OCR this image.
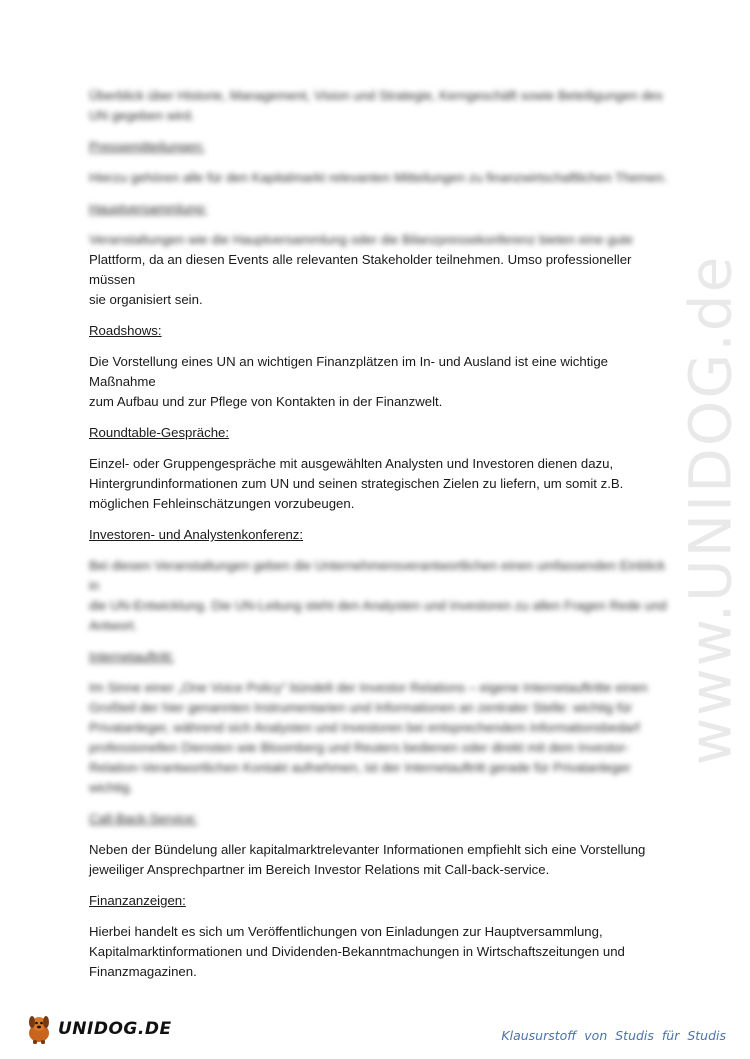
www.UNIDOG.de

Überblick über Historie, Management, Vision und Strategie, Kerngeschäft sowie Beteiligungen des

UN gegeben wird.

Pressemitteilungen:

Hierzu gehören alle für den Kapitalmarkt relevanten Mitteilungen zu finanzwirtschaftlichen Themen.

Hauptversammlung:

Veranstaltungen wie die Hauptversammlung oder die Bilanzpressekonferenz bieten eine gute

Plattform, da an diesen Events alle relevanten Stakeholder teilnehmen. Umso professioneller müssen

sie organisiert sein.

Roadshows:

Die Vorstellung eines UN an wichtigen Finanzplätzen im In- und Ausland ist eine wichtige Maßnahme

zum Aufbau und zur Pflege von Kontakten in der Finanzwelt.

Roundtable-Gespräche:

Einzel- oder Gruppengespräche mit ausgewählten Analysten und Investoren dienen dazu,

Hintergrundinformationen zum UN und seinen strategischen Zielen zu liefern, um somit z.B.

möglichen Fehleinschätzungen vorzubeugen.

Investoren- und Analystenkonferenz:

Bei diesen Veranstaltungen geben die Unternehmensverantwortlichen einen umfassenden Einblick in

die UN-Entwicklung. Die UN-Leitung steht den Analysten und Investoren zu allen Fragen Rede und

Antwort.

Internetauftritt:

Im Sinne einer „One Voice Policy“ bündelt der Investor Relations – eigene Internetauftritte einen

Großteil der hier genannten Instrumentarien und Informationen an zentraler Stelle: wichtig für

Privatanleger, während sich Analysten und Investoren bei entsprechendem Informationsbedarf

professionellen Diensten wie Bloomberg und Reuters bedienen oder direkt mit dem Investor-

Relation-Verantwortlichen Kontakt aufnehmen, ist der Internetauftritt gerade für Privatanleger

wichtig.

Call-Back-Service:

Neben der Bündelung aller kapitalmarktrelevanter Informationen empfiehlt sich eine Vorstellung

jeweiliger Ansprechpartner im Bereich Investor Relations mit Call-back-service.

Finanzanzeigen:

Hierbei handelt es sich um Veröffentlichungen von Einladungen zur Hauptversammlung,

Kapitalmarktinformationen und Dividenden-Bekanntmachungen in Wirtschaftszeitungen und

Finanzmagazinen.

UNIDOG.DE	Klausurstoff von Studis für Studis
